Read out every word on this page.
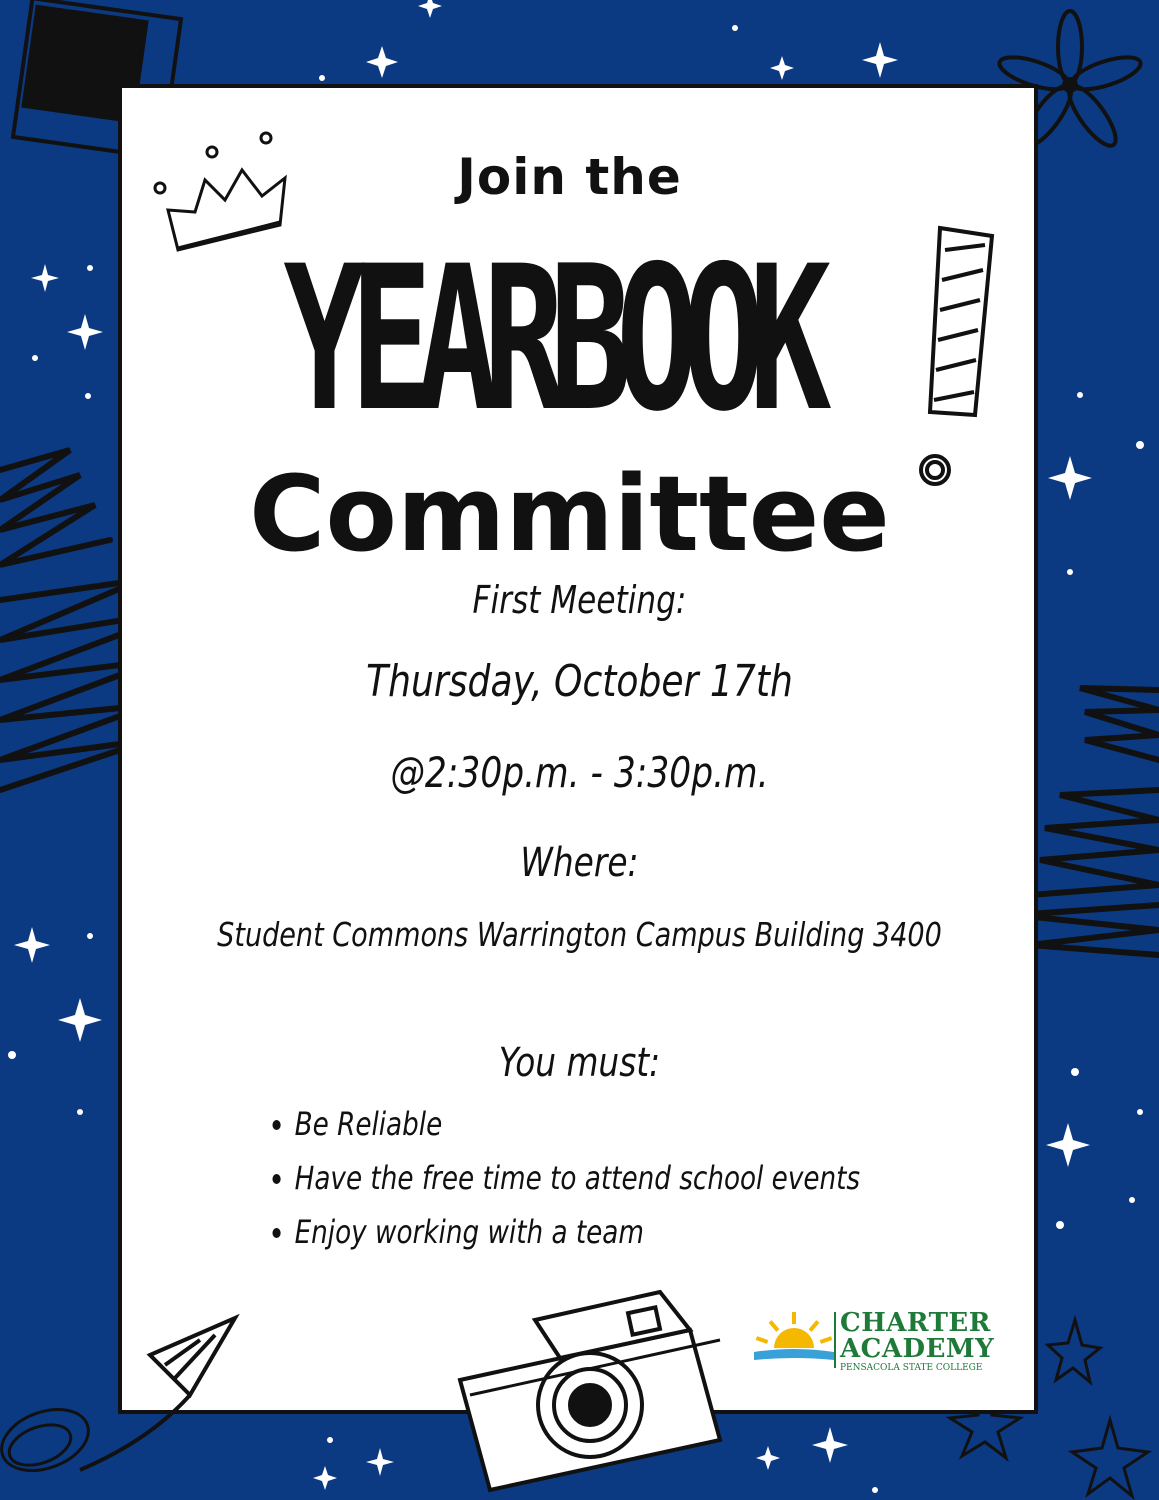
Join the
YEARBOOK
Committee
First Meeting:
Thursday, October 17th
@2:30p.m. - 3:30p.m.
Where:
Student Commons Warrington Campus Building 3400
You must:
• Be Reliable
• Have the free time to attend school events
• Enjoy working with a team
CHARTER
ACADEMY
PENSACOLA STATE COLLEGE
